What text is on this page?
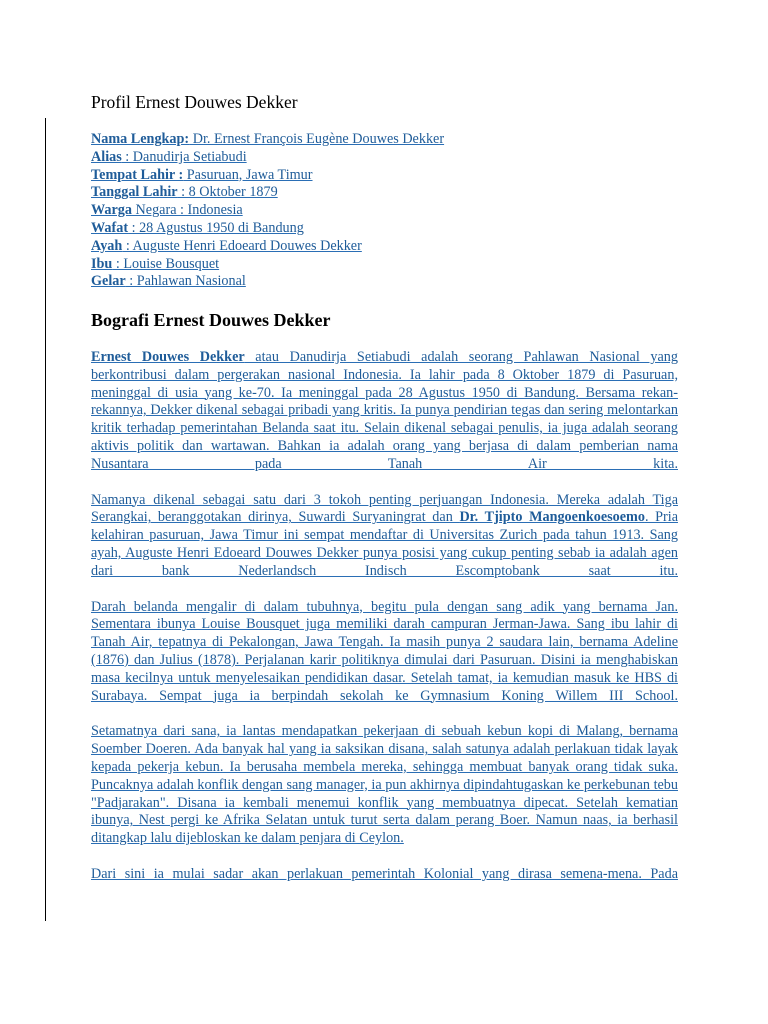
Profil Ernest Douwes Dekker
Nama Lengkap: Dr. Ernest François Eugène Douwes Dekker
Alias : Danudirja Setiabudi
Tempat Lahir : Pasuruan, Jawa Timur
Tanggal Lahir : 8 Oktober 1879
Warga Negara : Indonesia
Wafat : 28 Agustus 1950 di Bandung
Ayah : Auguste Henri Edoeard Douwes Dekker
Ibu : Louise Bousquet
Gelar : Pahlawan Nasional
Bografi Ernest Douwes Dekker

Ernest Douwes Dekker atau Danudirja Setiabudi adalah seorang Pahlawan Nasional yang berkontribusi dalam pergerakan nasional Indonesia. Ia lahir pada 8 Oktober 1879 di Pasuruan, meninggal di usia yang ke-70. Ia meninggal pada 28 Agustus 1950 di Bandung. Bersama rekan-rekannya, Dekker dikenal sebagai pribadi yang kritis. Ia punya pendirian tegas dan sering melontarkan kritik terhadap pemerintahan Belanda saat itu. Selain dikenal sebagai penulis, ia juga adalah seorang aktivis politik dan wartawan. Bahkan ia adalah orang yang berjasa di dalam pemberian nama Nusantara pada Tanah Air kita.

Namanya dikenal sebagai satu dari 3 tokoh penting perjuangan Indonesia. Mereka adalah Tiga Serangkai, beranggotakan dirinya, Suwardi Suryaningrat dan Dr. Tjipto Mangoenkoesoemo. Pria kelahiran pasuruan, Jawa Timur ini sempat mendaftar di Universitas Zurich pada tahun 1913. Sang ayah, Auguste Henri Edoeard Douwes Dekker punya posisi yang cukup penting sebab ia adalah agen dari bank Nederlandsch Indisch Escomptobank saat itu.

Darah belanda mengalir di dalam tubuhnya, begitu pula dengan sang adik yang bernama Jan. Sementara ibunya Louise Bousquet juga memiliki darah campuran Jerman-Jawa. Sang ibu lahir di Tanah Air, tepatnya di Pekalongan, Jawa Tengah. Ia masih punya 2 saudara lain, bernama Adeline (1876) dan Julius (1878). Perjalanan karir politiknya dimulai dari Pasuruan. Disini ia menghabiskan masa kecilnya untuk menyelesaikan pendidikan dasar. Setelah tamat, ia kemudian masuk ke HBS di Surabaya. Sempat juga ia berpindah sekolah ke Gymnasium Koning Willem III School.

Setamatnya dari sana, ia lantas mendapatkan pekerjaan di sebuah kebun kopi di Malang, bernama Soember Doeren. Ada banyak hal yang ia saksikan disana, salah satunya adalah perlakuan tidak layak kepada pekerja kebun. Ia berusaha membela mereka, sehingga membuat banyak orang tidak suka. Puncaknya adalah konflik dengan sang manager, ia pun akhirnya dipindahtugaskan ke perkebunan tebu "Padjarakan". Disana ia kembali menemui konflik yang membuatnya dipecat. Setelah kematian ibunya, Nest pergi ke Afrika Selatan untuk turut serta dalam perang Boer. Namun naas, ia berhasil ditangkap lalu dijebloskan ke dalam penjara di Ceylon.

Dari sini ia mulai sadar akan perlakuan pemerintah Kolonial yang dirasa semena-mena. Pada
